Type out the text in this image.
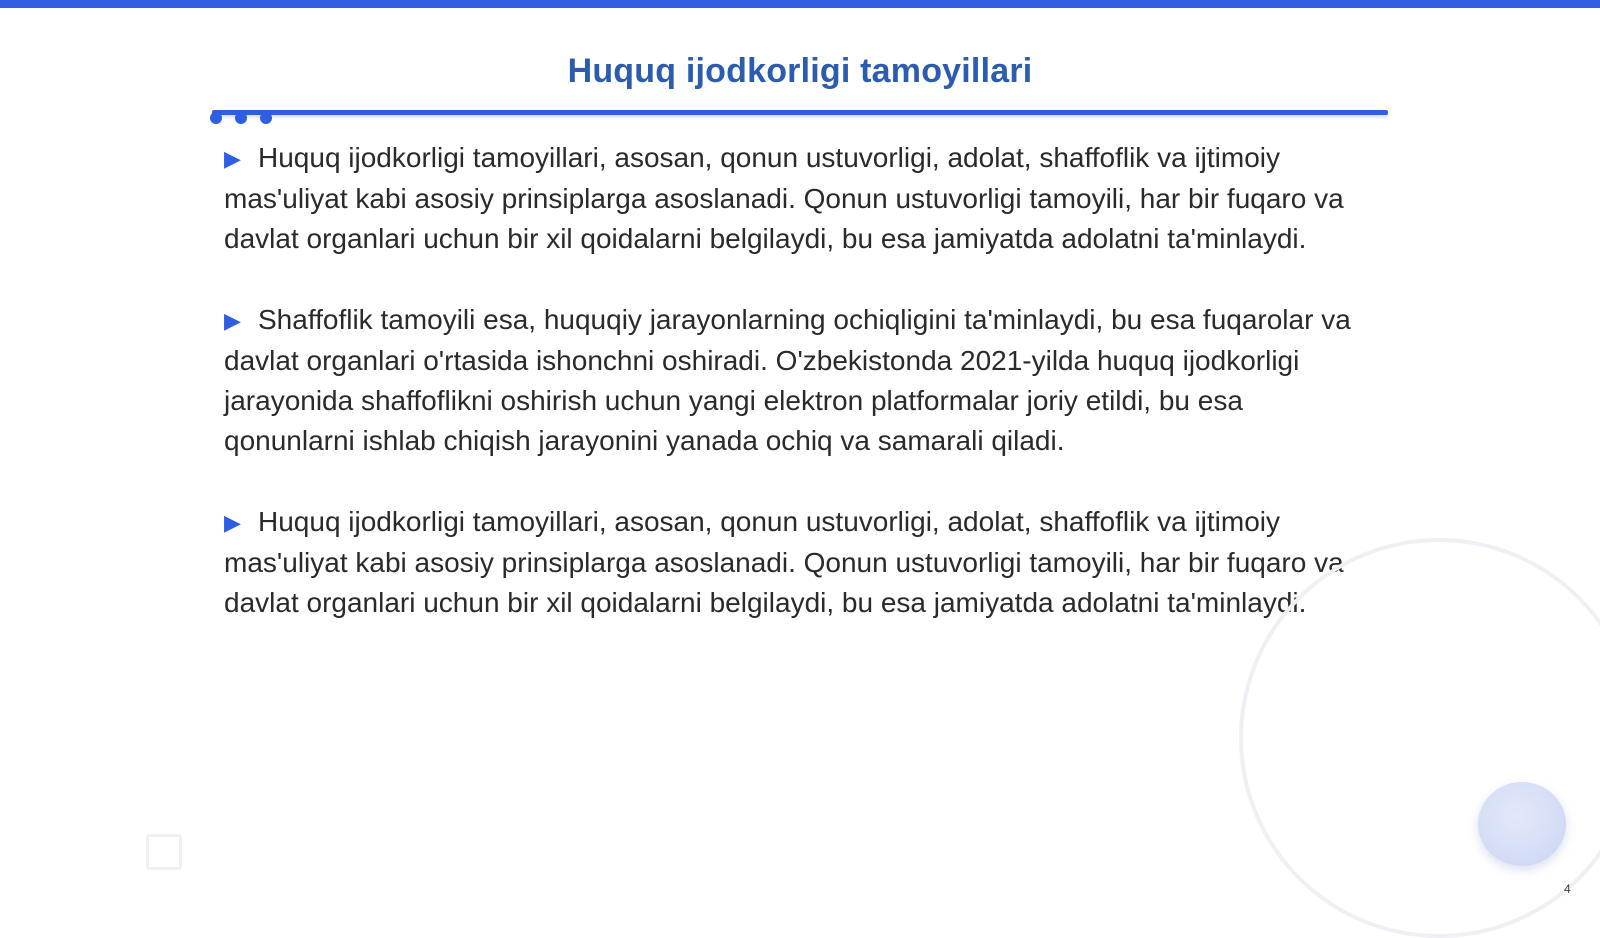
Huquq ijodkorligi tamoyillari

▶ Huquq ijodkorligi tamoyillari, asosan, qonun ustuvorligi, adolat, shaffoflik va ijtimoiy mas'uliyat kabi asosiy prinsiplarga asoslanadi. Qonun ustuvorligi tamoyili, har bir fuqaro va davlat organlari uchun bir xil qoidalarni belgilaydi, bu esa jamiyatda adolatni ta'minlaydi.

▶ Shaffoflik tamoyili esa, huquqiy jarayonlarning ochiqligini ta'minlaydi, bu esa fuqarolar va davlat organlari o'rtasida ishonchni oshiradi. O'zbekistonda 2021-yilda huquq ijodkorligi jarayonida shaffoflikni oshirish uchun yangi elektron platformalar joriy etildi, bu esa qonunlarni ishlab chiqish jarayonini yanada ochiq va samarali qiladi.

▶ Huquq ijodkorligi tamoyillari, asosan, qonun ustuvorligi, adolat, shaffoflik va ijtimoiy mas'uliyat kabi asosiy prinsiplarga asoslanadi. Qonun ustuvorligi tamoyili, har bir fuqaro va davlat organlari uchun bir xil qoidalarni belgilaydi, bu esa jamiyatda adolatni ta'minlaydi.

4
